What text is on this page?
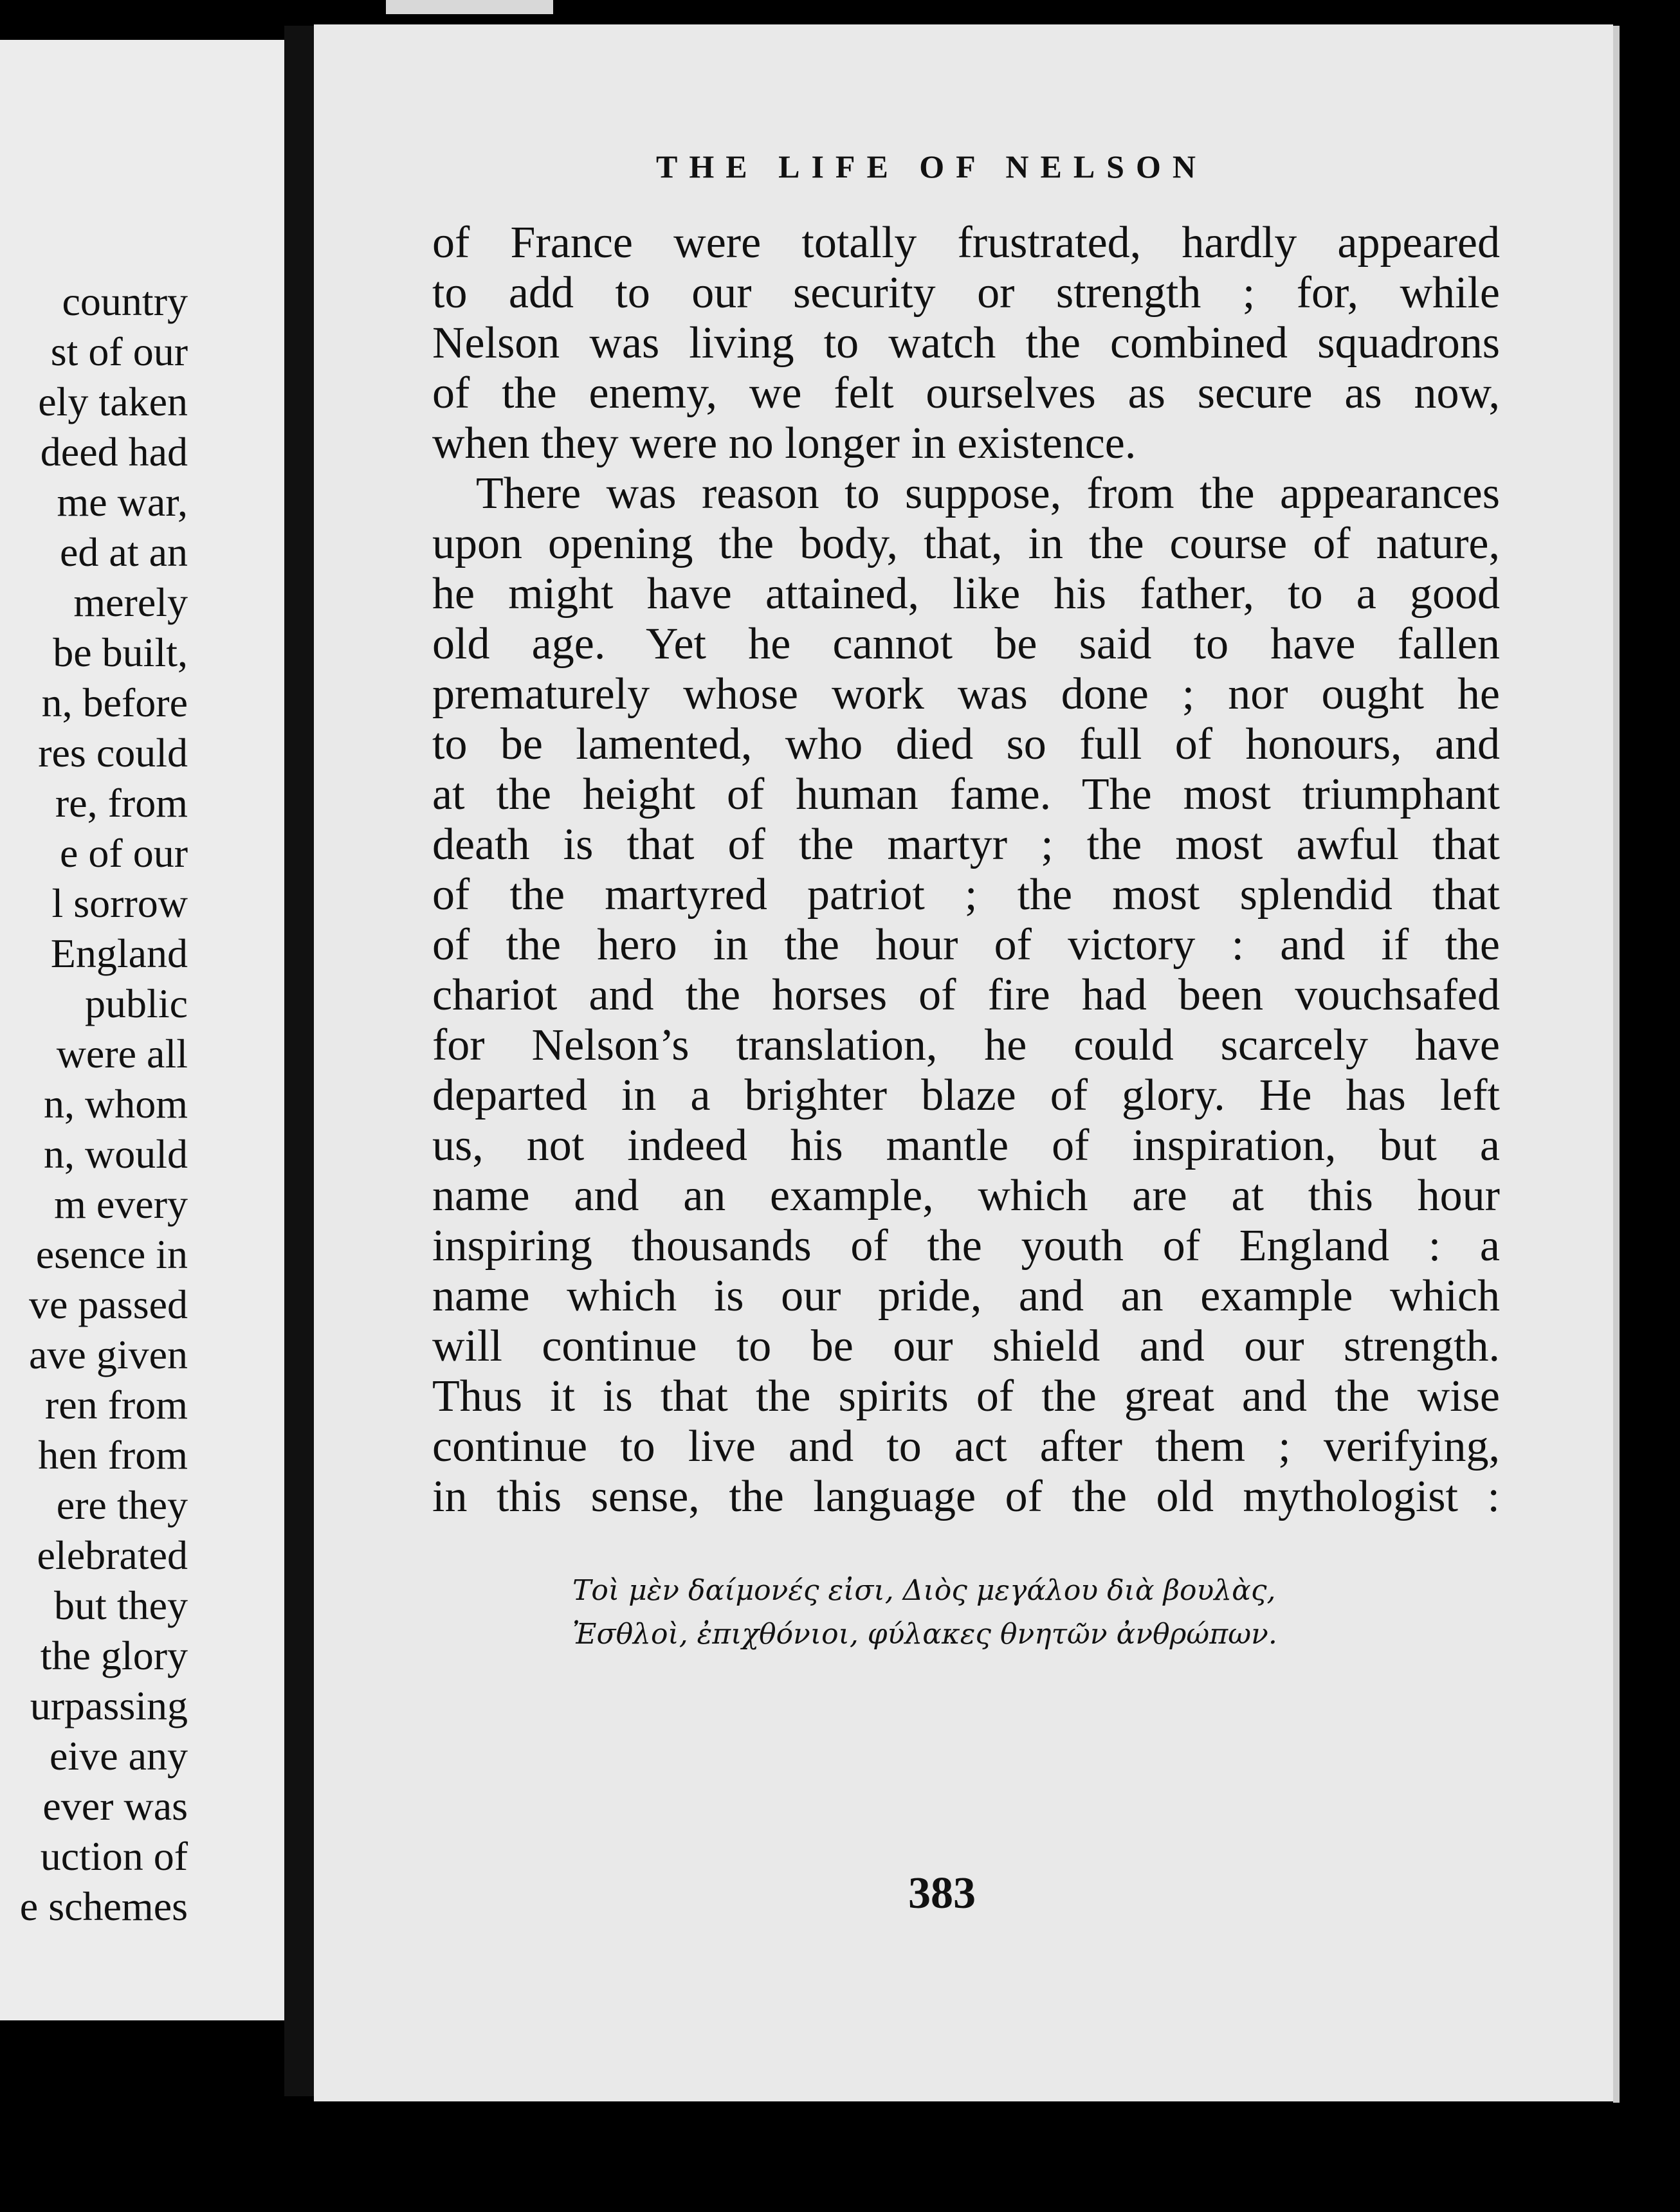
country
st of our
ely taken
deed had
me war,
ed at an
merely
be built,
n, before
res could
re, from
e of our
l sorrow
England
public
were all
n, whom
n, would
m every
esence in
ve passed
ave given
ren from
hen from
ere they
elebrated
but they
the glory
urpassing
eive any
ever was
uction of
e schemes
THE LIFE OF NELSON
of France were totally frustrated, hardly appeared
to add to our security or strength ; for, while
Nelson was living to watch the combined squadrons
of the enemy, we felt ourselves as secure as now,
when they were no longer in existence.
There was reason to suppose, from the appearances
upon opening the body, that, in the course of nature,
he might have attained, like his father, to a good
old age. Yet he cannot be said to have fallen
prematurely whose work was done ; nor ought he
to be lamented, who died so full of honours, and
at the height of human fame. The most triumphant
death is that of the martyr ; the most awful that
of the martyred patriot ; the most splendid that
of the hero in the hour of victory : and if the
chariot and the horses of fire had been vouchsafed
for Nelson’s translation, he could scarcely have
departed in a brighter blaze of glory. He has left
us, not indeed his mantle of inspiration, but a
name and an example, which are at this hour
inspiring thousands of the youth of England : a
name which is our pride, and an example which
will continue to be our shield and our strength.
Thus it is that the spirits of the great and the wise
continue to live and to act after them ; verifying,
in this sense, the language of the old mythologist :
Τοὶ μὲν δαίμονές εἰσι, Διὸς μεγάλου διὰ βουλὰς,
Ἐσθλοὶ, ἐπιχθόνιοι, φύλακες θνητῶν ἀνθρώπων.
383
